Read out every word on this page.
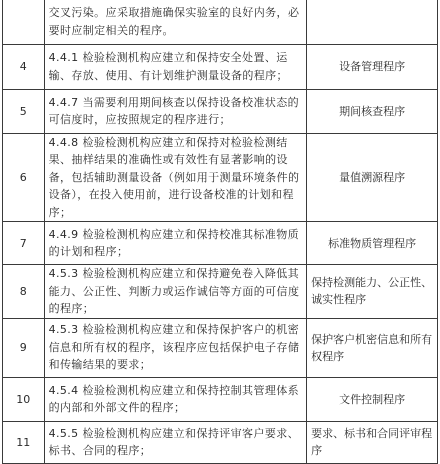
	交叉污染。应采取措施确保实验室的良好内务，必要时应制定相关的程序。	
4	4.4.1 检验检测机构应建立和保持安全处置、运输、存放、使用、有计划维护测量设备的程序；	设备管理程序
5	4.4.7 当需要利用期间核查以保持设备校准状态的可信度时，应按照规定的程序进行；	期间核查程序
6	4.4.8 检验检测机构应建立和保持对检验检测结果、抽样结果的准确性或有效性有显著影响的设备，包括辅助测量设备（例如用于测量环境条件的设备），在投入使用前，进行设备校准的计划和程序；	量值溯源程序
7	4.4.9 检验检测机构应建立和保持校准其标准物质的计划和程序；	标准物质管理程序
8	4.5.3 检验检测机构应建立和保持避免卷入降低其能力、公正性、判断力或运作诚信等方面的可信度的程序；	保持检测能力、公正性、诚实性程序
9	4.5.3 检验检测机构应建立和保持保护客户的机密信息和所有权的程序，该程序应包括保护电子存储和传输结果的要求；	保护客户机密信息和所有权程序
10	4.5.4 检验检测机构应建立和保持控制其管理体系的内部和外部文件的程序；	文件控制程序
11	4.5.5 检验检测机构应建立和保持评审客户要求、标书、合同的程序；	要求、标书和合同评审程序
